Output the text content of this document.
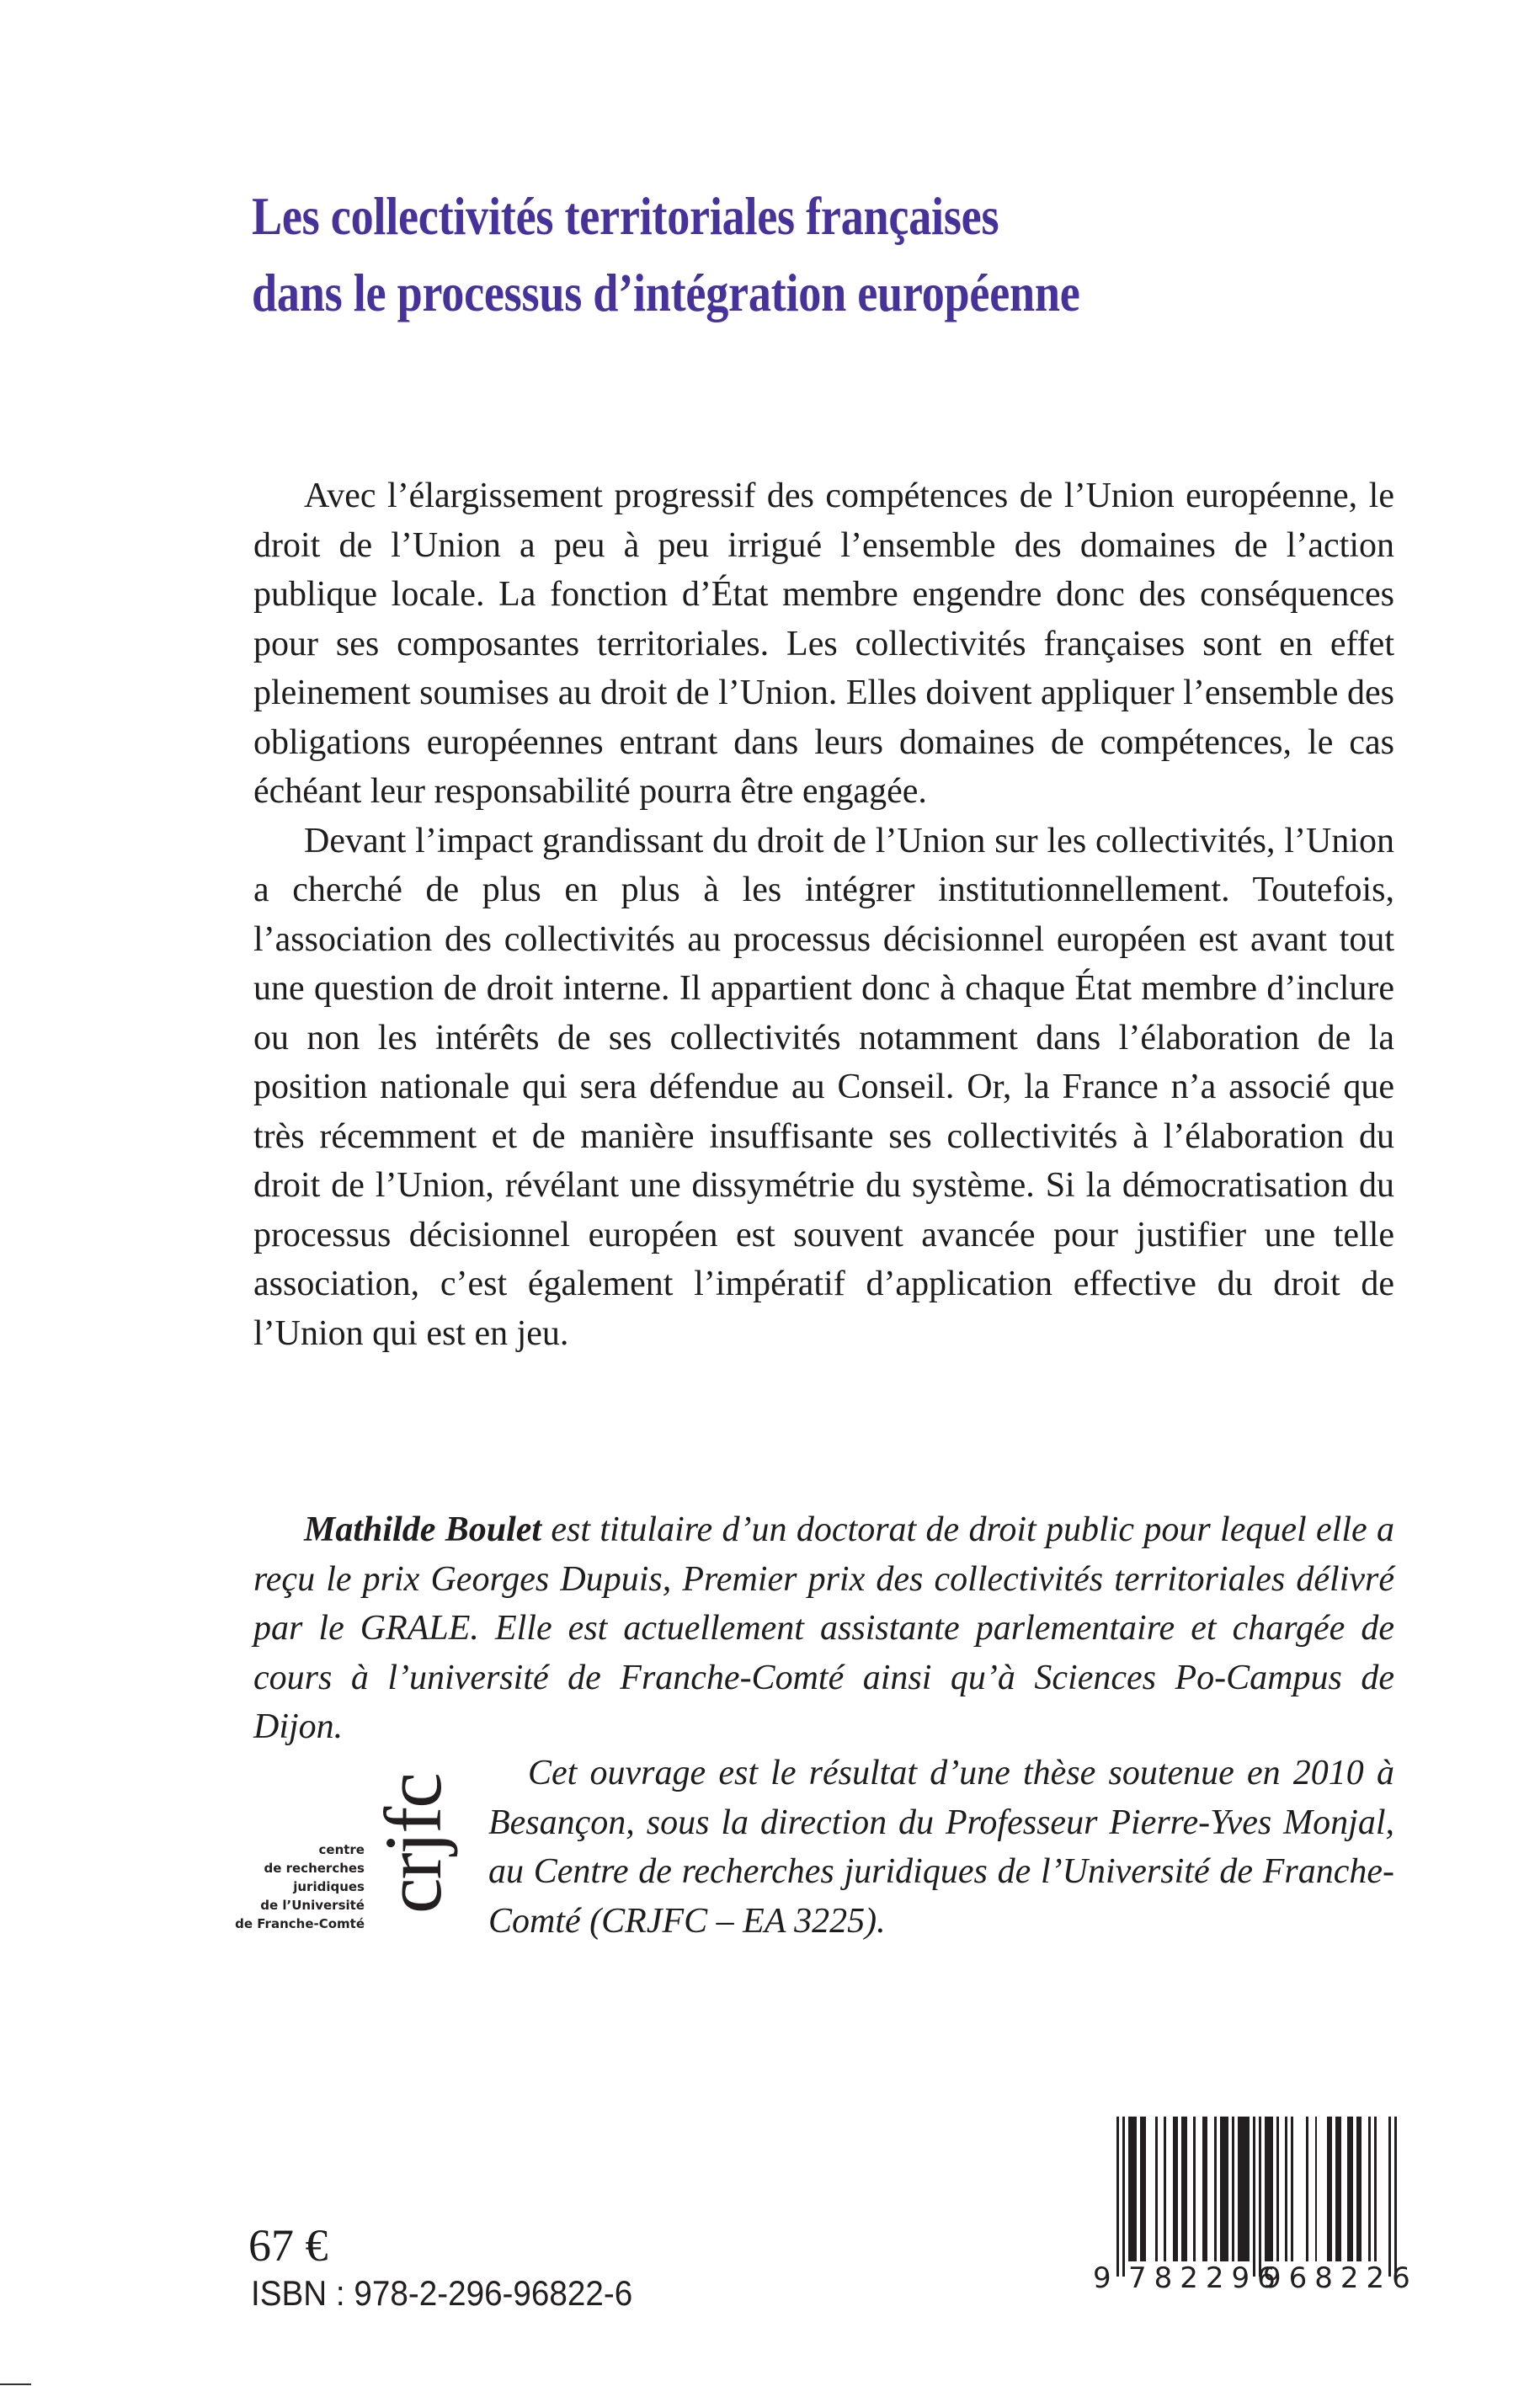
Les collectivités territoriales françaises
dans le processus d’intégration européenne

Avec l’élargissement progressif des compétences de l’Union européenne, le droit de l’Union a peu à peu irrigué l’ensemble des domaines de l’action publique locale. La fonction d’État membre engendre donc des conséquences pour ses composantes territoriales. Les collectivités françaises sont en effet pleinement soumises au droit de l’Union. Elles doivent appliquer l’ensemble des obligations européennes entrant dans leurs domaines de compétences, le cas échéant leur responsabilité pourra être engagée.

Devant l’impact grandissant du droit de l’Union sur les collectivités, l’Union a cherché de plus en plus à les intégrer institutionnellement. Toutefois, l’association des collectivités au processus décisionnel européen est avant tout une question de droit interne. Il appartient donc à chaque État membre d’inclure ou non les intérêts de ses collectivités notamment dans l’élaboration de la position nationale qui sera défendue au Conseil. Or, la France n’a associé que très récemment et de manière insuffisante ses collectivités à l’élaboration du droit de l’Union, révélant une dissymétrie du système. Si la démocratisation du processus décisionnel européen est souvent avancée pour justifier une telle association, c’est également l’impératif d’application effective du droit de l’Union qui est en jeu.

Mathilde Boulet est titulaire d’un doctorat de droit public pour lequel elle a reçu le prix Georges Dupuis, Premier prix des collectivités territoriales délivré par le GRALE. Elle est actuellement assistante parlementaire et chargée de cours à l’université de Franche-Comté ainsi qu’à Sciences Po-Campus de Dijon.

crjfc
centre
de recherches
juridiques
de l’Université
de Franche-Comté

Cet ouvrage est le résultat d’une thèse soutenue en 2010 à Besançon, sous la direction du Professeur Pierre-Yves Monjal, au Centre de recherches juridiques de l’Université de Franche-Comté (CRJFC – EA 3225).

67 €
ISBN : 978-2-296-96822-6	9 782296
968226
